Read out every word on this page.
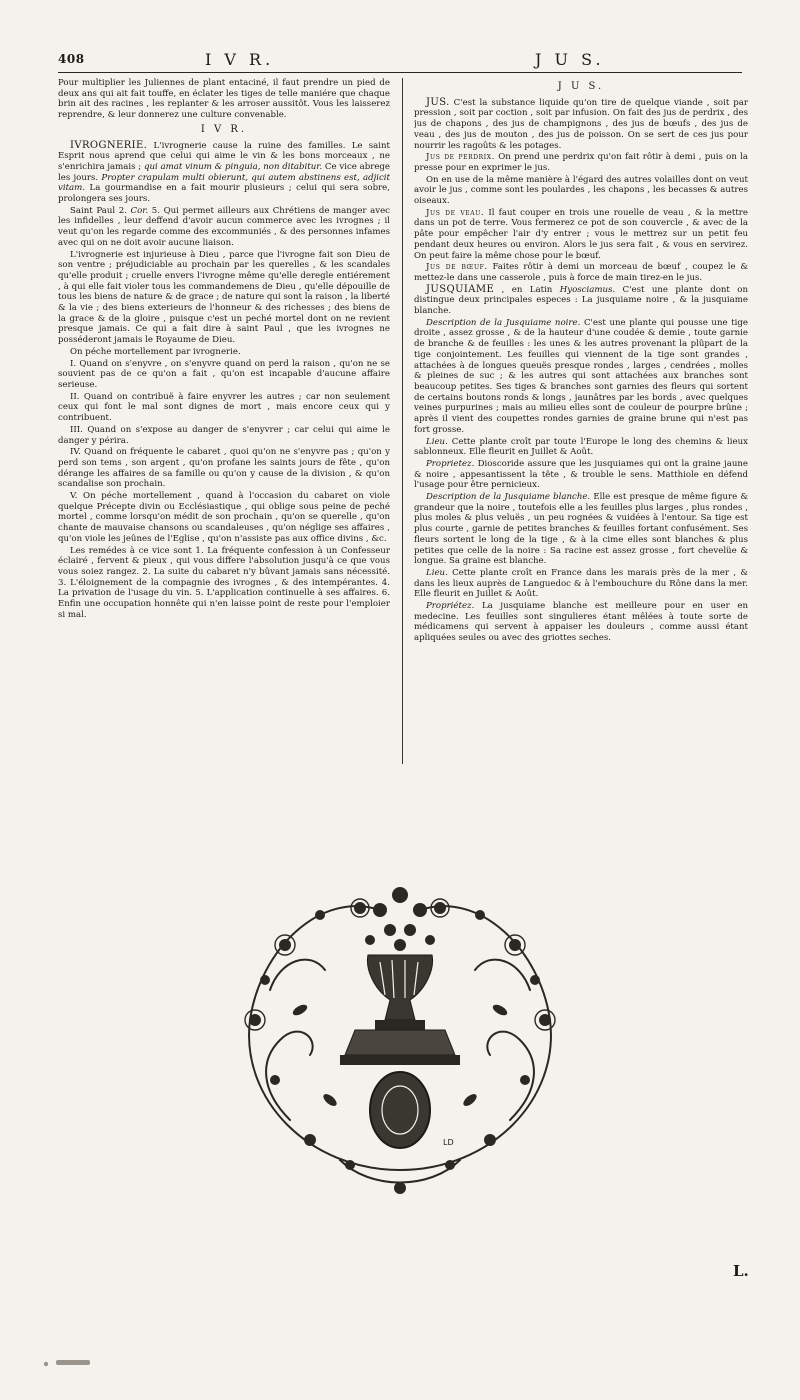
408	I V R.	J U S.

Pour multiplier les Juliennes de plant entaciné, il faut prendre un pied de deux ans qui ait fait touffe, en éclater les tiges de telle maniére que chaque brin ait des racines , les replanter & les arroser aussitôt. Vous les laisserez reprendre, & leur donnerez une culture convenable.

I V R.

IVROGNERIE. L'ivrognerie cause la ruine des familles. Le saint Esprit nous aprend que celui qui aime le vin & les bons morceaux , ne s'enrichira jamais ; qui amat vinum & pinguia, non ditabitur. Ce vice abrege les jours. Propter crapulam multi obierunt, qui autem abstinens est, adjicit vitam. La gourmandise en a fait mourir plusieurs ; celui qui sera sobre, prolongera ses jours.

Saint Paul 2. Cor. 5. Qui permet ailleurs aux Chrétiens de manger avec les infidelles , leur deffend d'avoir aucun commerce avec les ivrognes ; il veut qu'on les regarde comme des excommuniés , & des personnes infames avec qui on ne doit avoir aucune liaison.

L'ivrognerie est injurieuse à Dieu , parce que l'ivrogne fait son Dieu de son ventre ; préjudiciable au prochain par les querelles , & les scandales qu'elle produit ; cruelle envers l'ivrogne même qu'elle deregle entiérement , à qui elle fait violer tous les commandemens de Dieu , qu'elle dépouille de tous les biens de nature & de grace ; de nature qui sont la raison , la liberté & la vie ; des biens exterieurs de l'honneur & des richesses ; des biens de la grace & de la gloire , puisque c'est un peché mortel dont on ne revient presque jamais. Ce qui a fait dire à saint Paul , que les ivrognes ne posséderont jamais le Royaume de Dieu.

On péche mortellement par ivrognerie.

I. Quand on s'enyvre , on s'enyvre quand on perd la raison , qu'on ne se souvient pas de ce qu'on a fait , qu'on est incapable d'aucune affaire serieuse.

II. Quand on contribuë à faire enyvrer les autres ; car non seulement ceux qui font le mal sont dignes de mort , mais encore ceux qui y contribuent.

III. Quand on s'expose au danger de s'enyvrer ; car celui qui aime le danger y périra.

IV. Quand on fréquente le cabaret , quoi qu'on ne s'enyvre pas ; qu'on y perd son tems , son argent , qu'on profane les saints jours de fête , qu'on dérange les affaires de sa famille ou qu'on y cause de la division , & qu'on scandalise son prochain.

V. On péche mortellement , quand à l'occasion du cabaret on viole quelque Précepte divin ou Ecclésiastique , qui oblige sous peine de peché mortel , comme lorsqu'on médit de son prochain , qu'on se querelle , qu'on chante de mauvaise chansons ou scandaleuses , qu'on néglige ses affaires , qu'on viole les jeûnes de l'Eglise , qu'on n'assiste pas aux office divins , &c.

Les remédes à ce vice sont 1. La fréquente confession à un Confesseur éclairé , fervent & pieux , qui vous differe l'absolution jusqu'à ce que vous vous soiez rangez. 2. La suite du cabaret n'y bûvant jamais sans nécessité. 3. L'éloignement de la compagnie des ivrognes , & des intempérantes. 4. La privation de l'usage du vin. 5. L'application continuelle à ses affaires. 6. Enfin une occupation honnête qui n'en laisse point de reste pour l'emploier si mal.

J U S.

JUS. C'est la substance liquide qu'on tire de quelque viande , soit par pression , soit par coction , soit par infusion. On fait des jus de perdrix , des jus de chapons , des jus de champignons , des jus de bœufs , des jus de veau , des jus de mouton , des jus de poisson. On se sert de ces jus pour nourrir les ragoûts & les potages.

Jus de perdrix. On prend une perdrix qu'on fait rôtir à demi , puis on la presse pour en exprimer le jus.

On en use de la même manière à l'égard des autres volailles dont on veut avoir le jus , comme sont les poulardes , les chapons , les becasses & autres oiseaux.

Jus de veau. Il faut couper en trois une rouelle de veau , & la mettre dans un pot de terre. Vous fermerez ce pot de son couvercle , & avec de la pâte pour empêcher l'air d'y entrer ; vous le mettrez sur un petit feu pendant deux heures ou environ. Alors le jus sera fait , & vous en servirez. On peut faire la même chose pour le bœuf.

Jus de bœuf. Faites rôtir à demi un morceau de bœuf , coupez le & mettez-le dans une casserole , puis à force de main tirez-en le jus.

JUSQUIAME , en Latin Hyosciamus. C'est une plante dont on distingue deux principales especes : La jusquiame noire , & la jusquiame blanche.

Description de la Jusquiame noire. C'est une plante qui pousse une tige droite , assez grosse , & de la hauteur d'une coudée & demie , toute garnie de branche & de feuilles : les unes & les autres provenant la plûpart de la tige conjointement. Les feuilles qui viennent de la tige sont grandes , attachées à de longues queuës presque rondes , larges , cendrées , molles & pleines de suc ; & les autres qui sont attachées aux branches sont beaucoup petites. Ses tiges & branches sont garnies des fleurs qui sortent de certains boutons ronds & longs , jaunâtres par les bords , avec quelques veines purpurines ; mais au milieu elles sont de couleur de pourpre brûne ; après il vient des coupettes rondes garnies de graine brune qui n'est pas fort grosse.

Lieu. Cette plante croît par toute l'Europe le long des chemins & lieux sablonneux. Elle fleurit en Juillet & Août.

Proprietez. Dioscoride assure que les jusquiames qui ont la graine jaune & noire , appesantissent la tête , & trouble le sens. Matthiole en défend l'usage pour être pernicieux.

Description de la Jusquiame blanche. Elle est presque de même figure & grandeur que la noire , toutefois elle a les feuilles plus larges , plus rondes , plus moles & plus veluës , un peu rognées & vuidées à l'entour. Sa tige est plus courte , garnie de petites branches & feuilles fortant confusément. Ses fleurs sortent le long de la tige , & à la cime elles sont blanches & plus petites que celle de la noire : Sa racine est assez grosse , fort chevelüe & longue. Sa graine est blanche.

Lieu. Cette plante croît en France dans les marais près de la mer , & dans les lieux auprès de Languedoc & à l'embouchure du Rône dans la mer. Elle fleurit en Juillet & Août.

Propriétez. La jusquiame blanche est meilleure pour en user en medecine. Les feuilles sont singulieres étant mêlées à toute sorte de médicamens qui servent à appaiser les douleurs , comme aussi étant apliquées seules ou avec des griottes seches.

LD
L.
